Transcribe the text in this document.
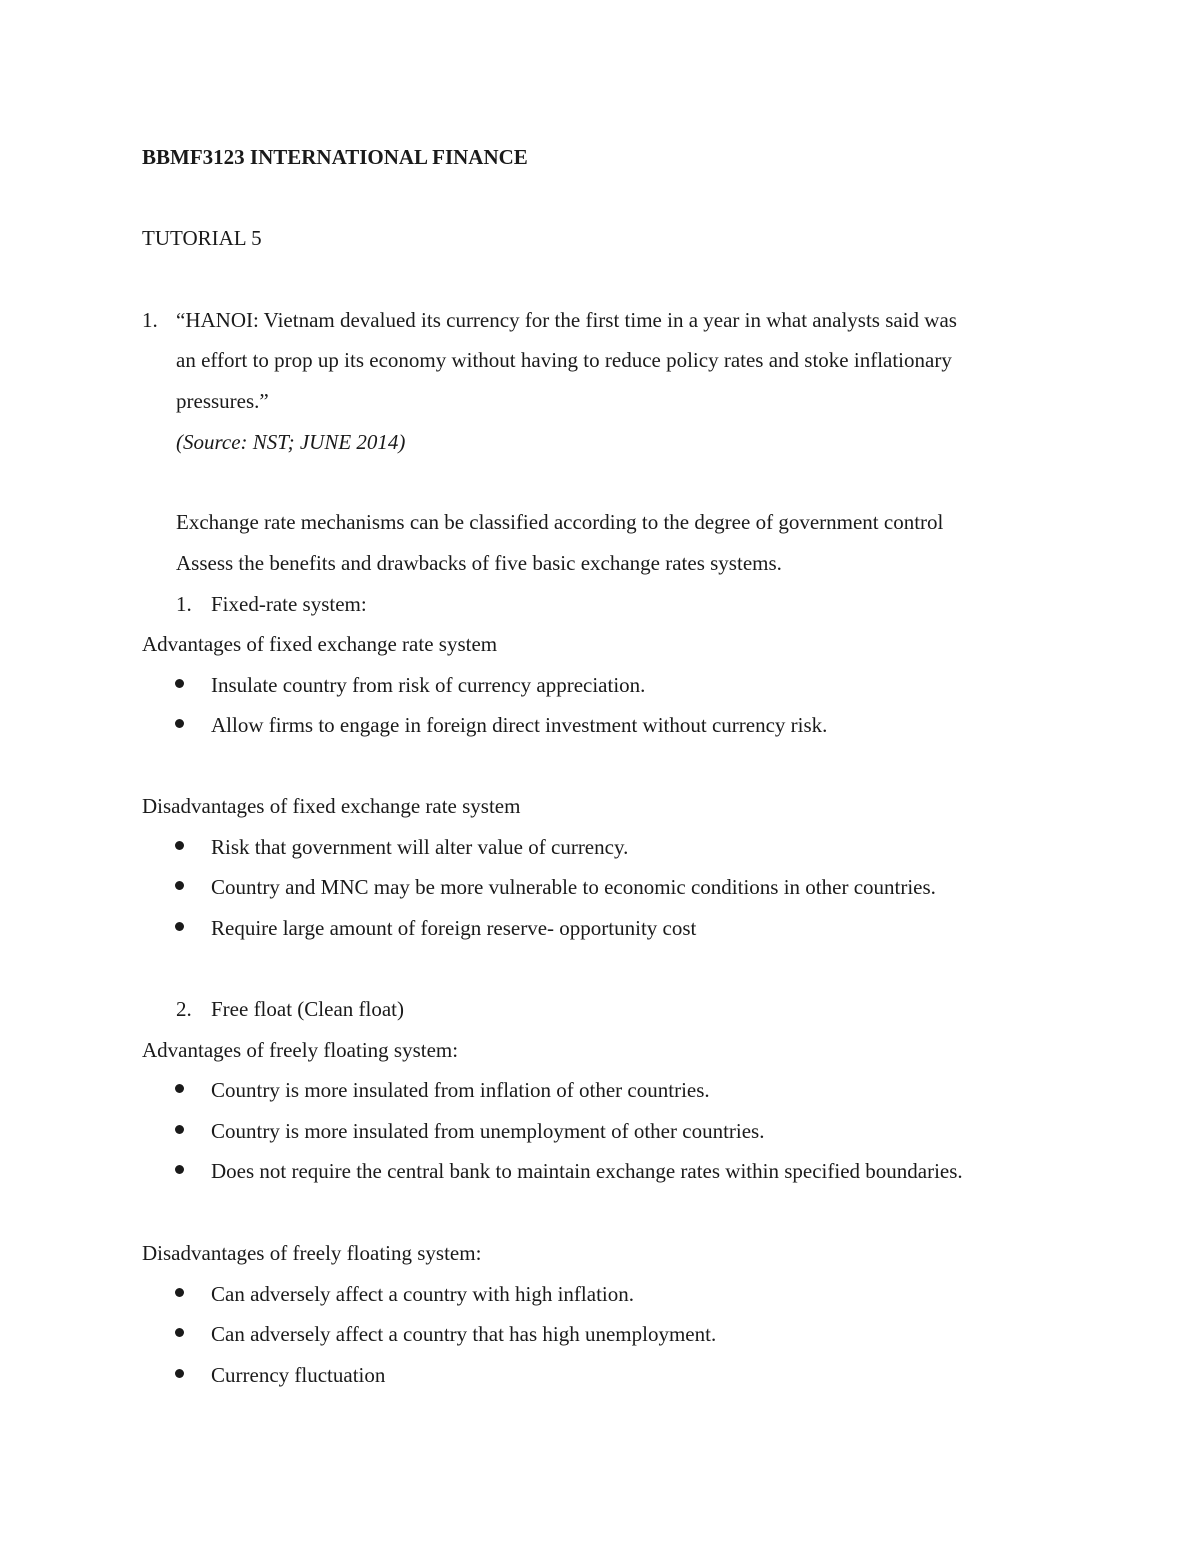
BBMF3123 INTERNATIONAL FINANCE
TUTORIAL 5
1. “HANOI: Vietnam devalued its currency for the first time in a year in what analysts said was
an effort to prop up its economy without having to reduce policy rates and stoke inflationary
pressures.”
(Source: NST; JUNE 2014)
Exchange rate mechanisms can be classified according to the degree of government control
Assess the benefits and drawbacks of five basic exchange rates systems.
1. Fixed-rate system:
Advantages of fixed exchange rate system
Insulate country from risk of currency appreciation.
Allow firms to engage in foreign direct investment without currency risk.
Disadvantages of fixed exchange rate system
Risk that government will alter value of currency.
Country and MNC may be more vulnerable to economic conditions in other countries.
Require large amount of foreign reserve- opportunity cost
2. Free float (Clean float)
Advantages of freely floating system:
Country is more insulated from inflation of other countries.
Country is more insulated from unemployment of other countries.
Does not require the central bank to maintain exchange rates within specified boundaries.
Disadvantages of freely floating system:
Can adversely affect a country with high inflation.
Can adversely affect a country that has high unemployment.
Currency fluctuation
